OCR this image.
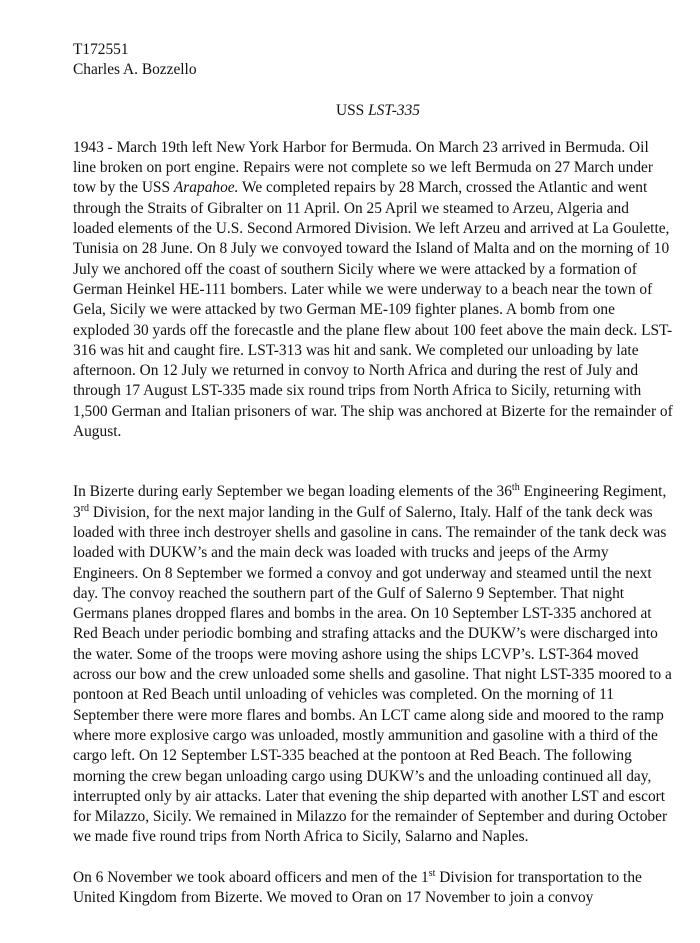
T172551

Charles A. Bozzello

USS LST-335

1943 - March 19th left New York Harbor for Bermuda. On March 23 arrived in Bermuda. Oil line broken on port engine. Repairs were not complete so we left Bermuda on 27 March under tow by the USS Arapahoe. We completed repairs by 28 March, crossed the Atlantic and went through the Straits of Gibralter on 11 April. On 25 April we steamed to Arzeu, Algeria and loaded elements of the U.S. Second Armored Division. We left Arzeu and arrived at La Goulette, Tunisia on 28 June. On 8 July we convoyed toward the Island of Malta and on the morning of 10 July we anchored off the coast of southern Sicily where we were attacked by a formation of German Heinkel HE-111 bombers. Later while we were underway to a beach near the town of Gela, Sicily we were attacked by two German ME-109 fighter planes. A bomb from one exploded 30 yards off the forecastle and the plane flew about 100 feet above the main deck. LST-316 was hit and caught fire. LST-313 was hit and sank. We completed our unloading by late afternoon. On 12 July we returned in convoy to North Africa and during the rest of July and through 17 August LST-335 made six round trips from North Africa to Sicily, returning with 1,500 German and Italian prisoners of war. The ship was anchored at Bizerte for the remainder of August.

In Bizerte during early September we began loading elements of the 36th Engineering Regiment, 3rd Division, for the next major landing in the Gulf of Salerno, Italy. Half of the tank deck was loaded with three inch destroyer shells and gasoline in cans. The remainder of the tank deck was loaded with DUKW’s and the main deck was loaded with trucks and jeeps of the Army Engineers. On 8 September we formed a convoy and got underway and steamed until the next day. The convoy reached the southern part of the Gulf of Salerno 9 September. That night Germans planes dropped flares and bombs in the area. On 10 September LST-335 anchored at Red Beach under periodic bombing and strafing attacks and the DUKW’s were discharged into the water. Some of the troops were moving ashore using the ships LCVP’s. LST-364 moved across our bow and the crew unloaded some shells and gasoline. That night LST-335 moored to a pontoon at Red Beach until unloading of vehicles was completed. On the morning of 11 September there were more flares and bombs. An LCT came along side and moored to the ramp where more explosive cargo was unloaded, mostly ammunition and gasoline with a third of the cargo left. On 12 September LST-335 beached at the pontoon at Red Beach. The following morning the crew began unloading cargo using DUKW’s and the unloading continued all day, interrupted only by air attacks. Later that evening the ship departed with another LST and escort for Milazzo, Sicily. We remained in Milazzo for the remainder of September and during October we made five round trips from North Africa to Sicily, Salarno and Naples.

On 6 November we took aboard officers and men of the 1st Division for transportation to the United Kingdom from Bizerte. We moved to Oran on 17 November to join a convoy
